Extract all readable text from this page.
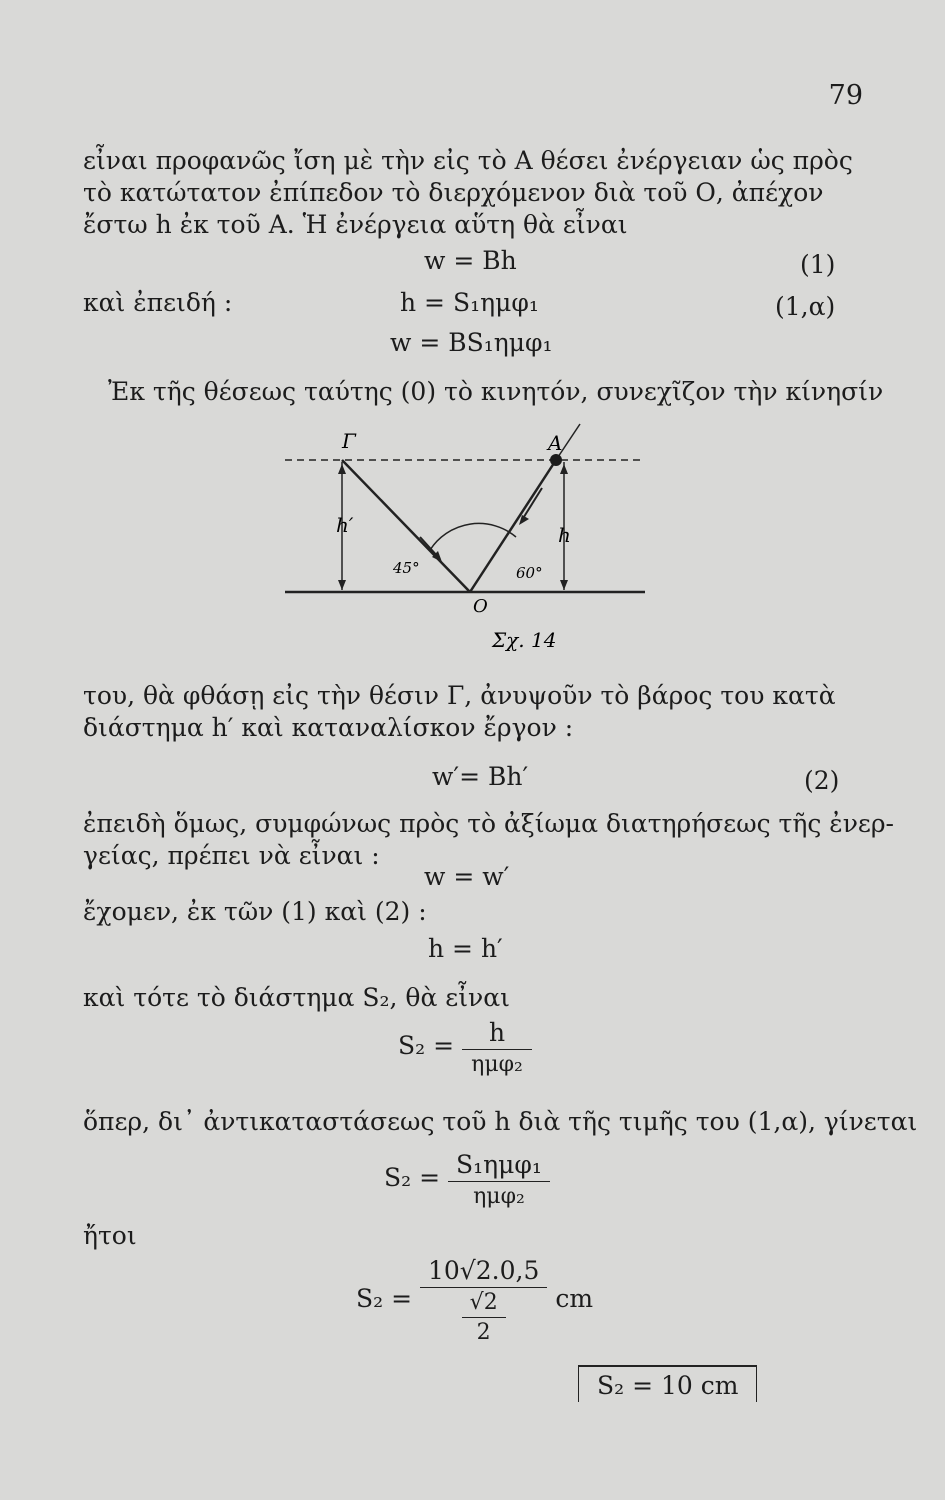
79
εἶναι προφανῶς ἴση μὲ τὴν εἰς τὸ Α θέσει ἐνέργειαν ὡς πρὸς
τὸ κατώτατον ἐπίπεδον τὸ διερχόμενον διὰ τοῦ Ο, ἀπέχον
ἔστω h ἐκ τοῦ Α. Ἡ ἐνέργεια αὕτη θὰ εἶναι
w = Bh	(1)
καὶ ἐπειδή :	h = S₁ημφ₁	(1,α)
w = BS₁ημφ₁
Ἐκ τῆς θέσεως ταύτης (0) τὸ κινητόν, συνεχῖζον τὴν κίνησίν
Γ	A
h′	h
45°	60°
O
Σχ. 14
του, θὰ φθάσῃ εἰς τὴν θέσιν Γ, ἀνυψοῦν τὸ βάρος του κατὰ
διάστημα h′ καὶ καταναλίσκον ἔργον :
w′= Bh′	(2)
ἐπειδὴ ὅμως, συμφώνως πρὸς τὸ ἀξίωμα διατηρήσεως τῆς ἐνερ-
γείας, πρέπει νὰ εἶναι :
w = w′
ἔχομεν, ἐκ τῶν (1) καὶ (2) :
h = h′
καὶ τότε τὸ διάστημα S₂, θὰ εἶναι
$S_2 = \frac{h}{\text{ημφ₂}}$
ὅπερ, δι᾽ ἀντικαταστάσεως τοῦ h διὰ τῆς τιμῆς του (1,α), γίνεται
$S_2 = \frac{\text{S₁ημφ₁}}{\text{ημφ₂}}$
ἤτοι
$S_2 = \frac{10√2.0,5}{\frac{√2}{2}}$ cm
S₂ = 10 cm
